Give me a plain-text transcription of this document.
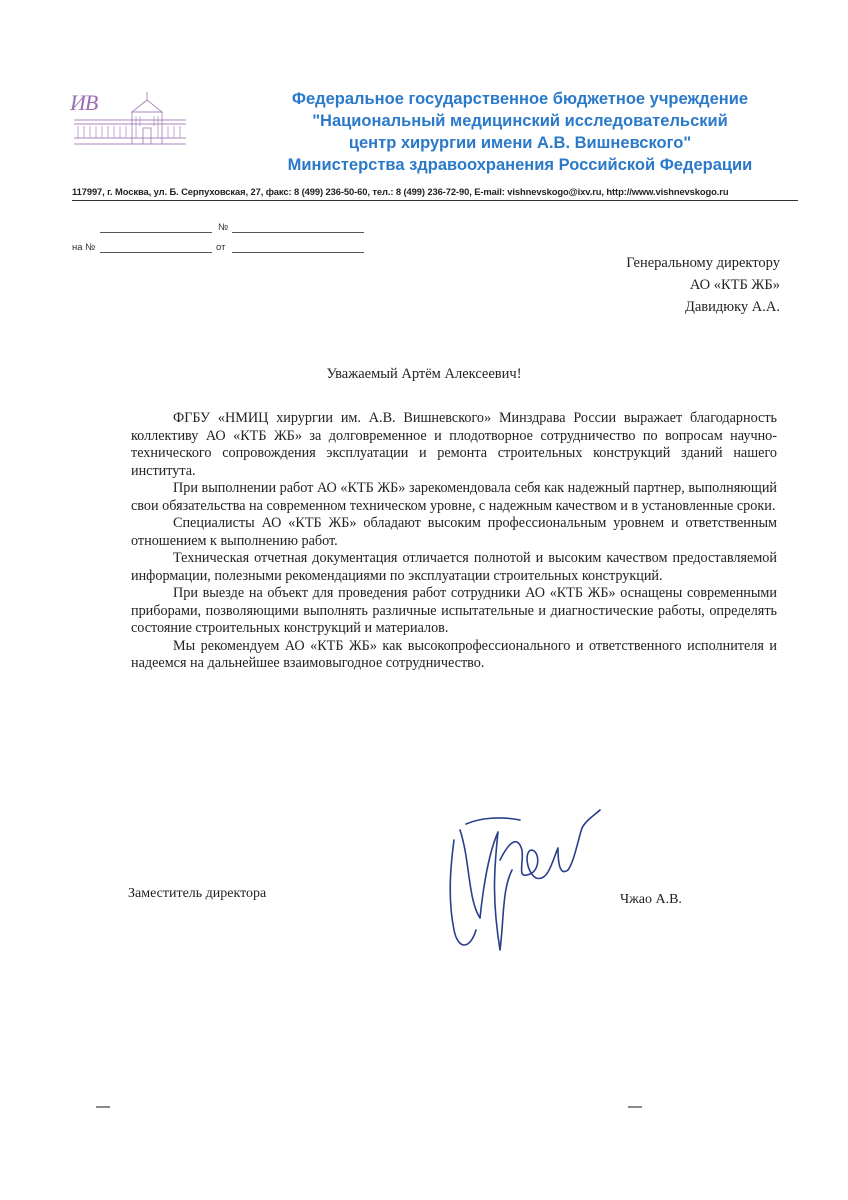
ИВ	Федеральное государственное бюджетное учреждение
"Национальный медицинский исследовательский
центр хирургии имени А.В. Вишневского"
Министерства здравоохранения Российской Федерации
117997, г. Москва, ул. Б. Серпуховская, 27, факс: 8 (499) 236-50-60, тел.: 8 (499) 236-72-90, E-mail: vishnevskogo@ixv.ru, http://www.vishnevskogo.ru
№
на №	от
Генеральному директору
АО «КТБ ЖБ»
Давидюку А.А.
Уважаемый Артём Алексеевич!

ФГБУ «НМИЦ хирургии им. А.В. Вишневского» Минздрава России выражает благодарность коллективу АО «КТБ ЖБ» за долговременное и плодотворное сотрудничество по вопросам научно-технического сопровождения эксплуатации и ремонта строительных конструкций зданий нашего института.

При выполнении работ АО «КТБ ЖБ» зарекомендовала себя как надежный партнер, выполняющий свои обязательства на современном техническом уровне, с надежным качеством и в установленные сроки.

Специалисты АО «КТБ ЖБ» обладают высоким профессиональным уровнем и ответственным отношением к выполнению работ.

Техническая отчетная документация отличается полнотой и высоким качеством предоставляемой информации, полезными рекомендациями по эксплуатации строительных конструкций.

При выезде на объект для проведения работ сотрудники АО «КТБ ЖБ» оснащены современными приборами, позволяющими выполнять различные испытательные и диагностические работы, определять состояние строительных конструкций и материалов.

Мы рекомендуем АО «КТБ ЖБ» как высокопрофессионального и ответственного исполнителя и надеемся на дальнейшее взаимовыгодное сотрудничество.

Заместитель директора	Чжао А.В.
